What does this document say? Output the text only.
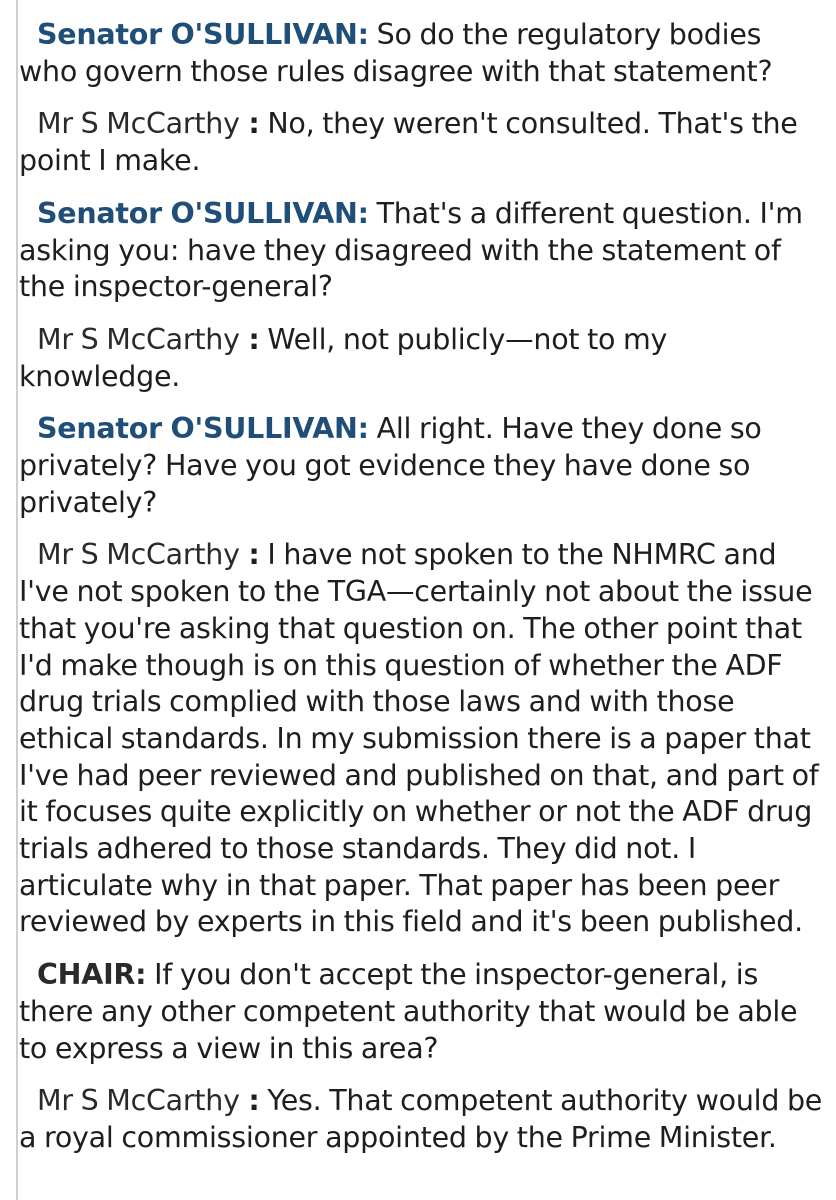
Senator O'SULLIVAN: So do the regulatory bodies who govern those rules disagree with that statement?

Mr S McCarthy : No, they weren't consulted. That's the point I make.

Senator O'SULLIVAN: That's a different question. I'm asking you: have they disagreed with the statement of the inspector-general?

Mr S McCarthy : Well, not publicly—not to my knowledge.

Senator O'SULLIVAN: All right. Have they done so privately? Have you got evidence they have done so privately?

Mr S McCarthy : I have not spoken to the NHMRC and I've not spoken to the TGA—certainly not about the issue that you're asking that question on. The other point that I'd make though is on this question of whether the ADF drug trials complied with those laws and with those ethical standards. In my submission there is a paper that I've had peer reviewed and published on that, and part of it focuses quite explicitly on whether or not the ADF drug trials adhered to those standards. They did not. I articulate why in that paper. That paper has been peer reviewed by experts in this field and it's been published.

CHAIR: If you don't accept the inspector-general, is there any other competent authority that would be able to express a view in this area?

Mr S McCarthy : Yes. That competent authority would be a royal commissioner appointed by the Prime Minister.
